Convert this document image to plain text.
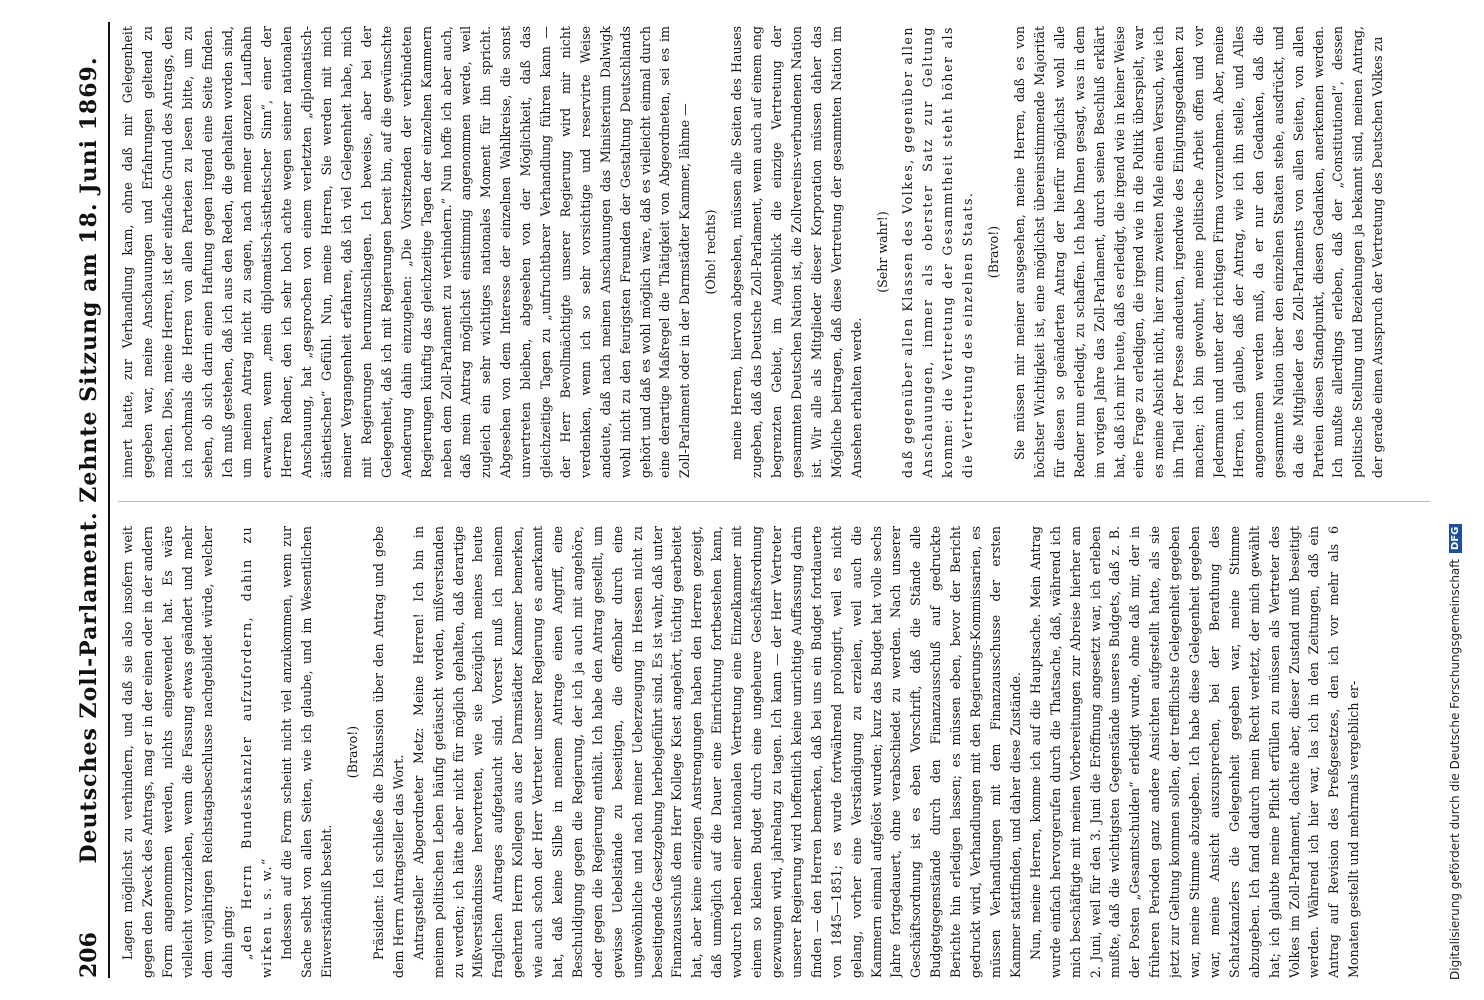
206
Deutsches Zoll-Parlament. Zehnte Sitzung am 18. Juni 1869. Lagen möglichst zu verhindern, und daß sie also insofern weit gegen den Zweck des Antrags, mag er in der einen oder in der andern Form angenommen werden, nichts eingewendet hat. Es wäre vielleicht vorzuziehen, wenn die Fassung etwas geändert und mehr dem vorjährigen Reichstagsbeschlusse nachgebildet würde, welcher dahin ging: „den Herrn Bundeskanzler aufzufordern, dahin zu wirken u. s. w.“ Indessen auf die Form scheint nicht viel anzukommen, wenn zur Sache selbst von allen Seiten, wie ich glaube, und im Wesentlichen Einverständniß besteht.

(Bravo!) Präsident: Ich schließe die Diskussion über den Antrag und gebe dem Herrn Antragsteller das Wort. Antragsteller Abgeordneter Metz: Meine Herren! Ich bin in meinem politischen Leben häufig getäuscht worden, mißverstanden zu werden; ich hätte aber nicht für möglich gehalten, daß derartige Mißverständnisse hervortreten, wie sie bezüglich meines heute fraglichen Antrages aufgetaucht sind. Vorerst muß ich meinem geehrten Herrn Kollegen aus der Darmstädter Kammer bemerken, wie auch schon der Herr Vertreter unserer Regierung es anerkannt hat, daß keine Silbe in meinem Antrage einen Angriff, eine Beschuldigung gegen die Regierung, der ich ja auch mit angehöre, oder gegen die Regierung enthält. Ich habe den Antrag gestellt, um gewisse Uebelstände zu beseitigen, die offenbar durch eine ungewöhnliche und nach meiner Ueberzeugung in Hessen nicht zu beseitigende Gesetzgebung herbeigeführt sind. Es ist wahr, daß unter Finanzausschuß dem Herr Kollege Kiest angehört, tüchtig gearbeitet hat, aber keine einzigen Anstrengungen haben den Herren gezeigt, daß unmöglich auf die Dauer eine Einrichtung fortbestehen kann, wodurch neben einer nationalen Vertretung eine Einzelkammer mit einem so kleinen Budget durch eine ungeheure Geschäftsordnung gezwungen wird, jahrelang zu tagen. Ich kann — der Herr Vertreter unserer Regierung wird hoffentlich keine unrichtige Auffassung darin finden — den Herren bemerken, daß bei uns ein Budget fortdauerte von 1845—1851; es wurde fortwährend prolongirt, weil es nicht gelang, vorher eine Verständigung zu erzielen, weil auch die Kammern einmal aufgelöst wurden; kurz das Budget hat volle sechs Jahre fortgedauert, ohne verabschiedet zu werden. Nach unserer Geschäftsordnung ist es eben Vorschrift, daß die Stände alle Budgetgegenstände durch den Finanzausschuß auf gedruckte Berichte hin erledigen lassen; es müssen eben, bevor der Bericht gedruckt wird, Verhandlungen mit den Regierungs-Kommissarien, es müssen Verhandlungen mit dem Finanzausschusse der ersten Kammer stattfinden, und daher diese Zustände. Nun, meine Herren, komme ich auf die Hauptsache. Mein Antrag wurde einfach hervorgerufen durch die Thatsache, daß, während ich mich beschäftigte mit meinen Vorbereitungen zur Abreise hierher am 2. Juni, weil für den 3. Juni die Eröffnung angesetzt war, ich erleben mußte, daß die wichtigsten Gegenstände unseres Budgets, daß z. B. der Posten „Gesamtschulden“ erledigt wurde, ohne daß mir, der in früheren Perioden ganz andere Ansichten aufgestellt hatte, als sie jetzt zur Geltung kommen sollen, der trefflichste Gelegenheit gegeben war, meine Stimme abzugeben. Ich habe diese Gelegenheit gegeben war, meine Ansicht auszusprechen, bei der Berathung des Schatzkanzlers die Gelegenheit gegeben war, meine Stimme abzugeben. Ich fand dadurch mein Recht verletzt, der mich gewählt hat; ich glaubte meine Pflicht erfüllen zu müssen als Vertreter des Volkes im Zoll-Parlament, dachte aber, dieser Zustand muß beseitigt werden. Während ich hier war, las ich in den Zeitungen, daß ein Antrag auf Revision des Preßgesetzes, den ich vor mehr als 6 Monaten gestellt und mehrmals vergeblich er-

innert hatte, zur Verhandlung kam, ohne daß mir Gelegenheit gegeben war, meine Anschauungen und Erfahrungen geltend zu machen. Dies, meine Herren, ist der einfache Grund des Antrags, den ich nochmals die Herren von allen Parteien zu lesen bitte, um zu sehen, ob sich darin einen Haftung gegen irgend eine Seite finden. Ich muß gestehen, daß ich aus den Reden, die gehalten worden sind, um meinen Antrag nicht zu sagen, nach meiner ganzen Laufbahn erwarten, wenn „mein diplomatisch-ästhetischer Sinn“, einer der Herren Redner, den ich sehr hoch achte wegen seiner nationalen Anschauung, hat „gesprochen von einem verletzten „diplomatisch-ästhetischen“ Gefühl. Nun, meine Herren, Sie werden mit mich meiner Vergangenheit erfahren, daß ich viel Gelegenheit habe, mich mit Regierungen herumzuschlagen. Ich beweise, aber bei der Gelegenheit, daß ich mit Regierungen bereit bin, auf die gewünschte Aenderung dahin einzugehen: „Die Vorsitzenden der verbündeten Regierungen künftig das gleichzeitige Tagen der einzelnen Kammern neben dem Zoll-Parlament zu verhindern.“ Nun hoffe ich aber auch, daß mein Antrag möglichst einstimmig angenommen werde, weil zugleich ein sehr wichtiges nationales Moment für ihn spricht. Abgesehen von dem Interesse der einzelnen Wahlkreise, die sonst unvertreten bleiben, abgesehen von der Möglichkeit, daß das gleichzeitige Tagen zu „unfruchtbarer Verhandlung führen kann — der Herr Bevollmächtigte unserer Regierung wird mir nicht verdenken, wenn ich so sehr vorsichtige und reservirte Weise andeute, daß nach meinen Anschauungen das Ministerium Dalwigk wohl nicht zu den feurigsten Freunden der Gestaltung Deutschlands gehört und daß es wohl möglich wäre, daß es vielleicht einmal durch eine derartige Maßregel die Thätigkeit von Abgeordneten, sei es im Zoll-Parlament oder in der Darmstädter Kammer, lähme — (Oho! rechts) meine Herren, hiervon abgesehen, müssen alle Seiten des Hauses zugeben, daß das Deutsche Zoll-Parlament, wenn auch auf einem eng begrenzten Gebiet, im Augenblick die einzige Vertretung der gesammten Deutschen Nation ist, die Zollvereins-verbundenen Nation ist. Wir alle als Mitglieder dieser Korporation müssen daher das Mögliche beitragen, daß diese Vertretung der gesammten Nation im Ansehen erhalten werde.

(Sehr wahr!) daß gegenüber allen Klassen des Volkes, gegenüber allen Anschauungen, immer als oberster Satz zur Geltung komme: die Vertretung der Gesammtheit steht höher als die Vertretung des einzelnen Staats. (Bravo!) Sie müssen mir meiner ausgesehen, meine Herren, daß es von höchster Wichtigkeit ist, eine möglichst übereinstimmende Majorität für diesen so geänderten Antrag der hierfür möglichst wohl alle Redner nun erledigt, zu schaffen. Ich habe Ihnen gesagt, was in dem im vorigen Jahre das Zoll-Parlament, durch seinen Beschluß erklärt hat, daß ich mir heute, daß es erledigt, die irgend wie in keiner Weise eine Frage zu erledigen, die irgend wie in die Politik überspielt, war es meine Absicht nicht, hier zum zweiten Male einen Versuch, wie ich ihn Theil der Presse andeuten, irgendwie des Einigungsgedanken zu machen; ich bin gewohnt, meine politische Arbeit offen und vor Jedermann und unter der richtigen Firma vorzunehmen. Aber, meine Herren, ich glaube, daß der Antrag, wie ich ihn stelle, und Alles angenommen werden muß, da er nur den Gedanken, daß die gesammte Nation über den einzelnen Staaten stehe, ausdrückt, und da die Mitglieder des Zoll-Parlaments von allen Seiten, von allen Parteien diesen Standpunkt, diesen Gedanken, anerkennen werden. Ich mußte allerdings erleben, daß der „Constitutionel“, dessen politische Stellung und Beziehungen ja bekannt sind, meinen Antrag, der gerade einen Ausspruch der Vertretung des Deutschen Volkes zu

Digitalisierung gefördert durch die Deutsche Forschungsgemeinschaft
DFG
